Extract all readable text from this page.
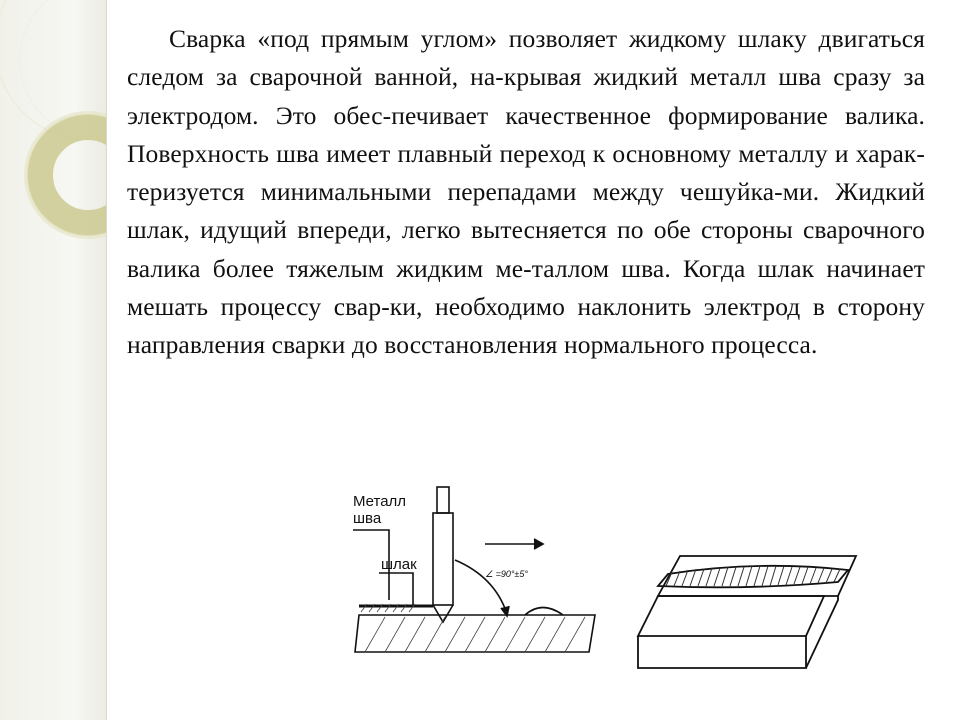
Сварка «под прямым углом» позволяет жидкому шлаку двигаться следом за сварочной ванной, на-крывая жидкий металл шва сразу за электродом. Это обес-печивает качественное формирование валика. Поверхность шва имеет плавный переход к основному металлу и харак-теризуется минимальными перепадами между чешуйка-ми. Жидкий шлак, идущий впереди, легко вытесняется по обе стороны сварочного валика более тяжелым жидким ме-таллом шва. Когда шлак начинает мешать процессу свар-ки, необходимо наклонить электрод в сторону направления сварки до восстановления нормального процесса.
Металл
шва
шлак
∠ =90°±5°
